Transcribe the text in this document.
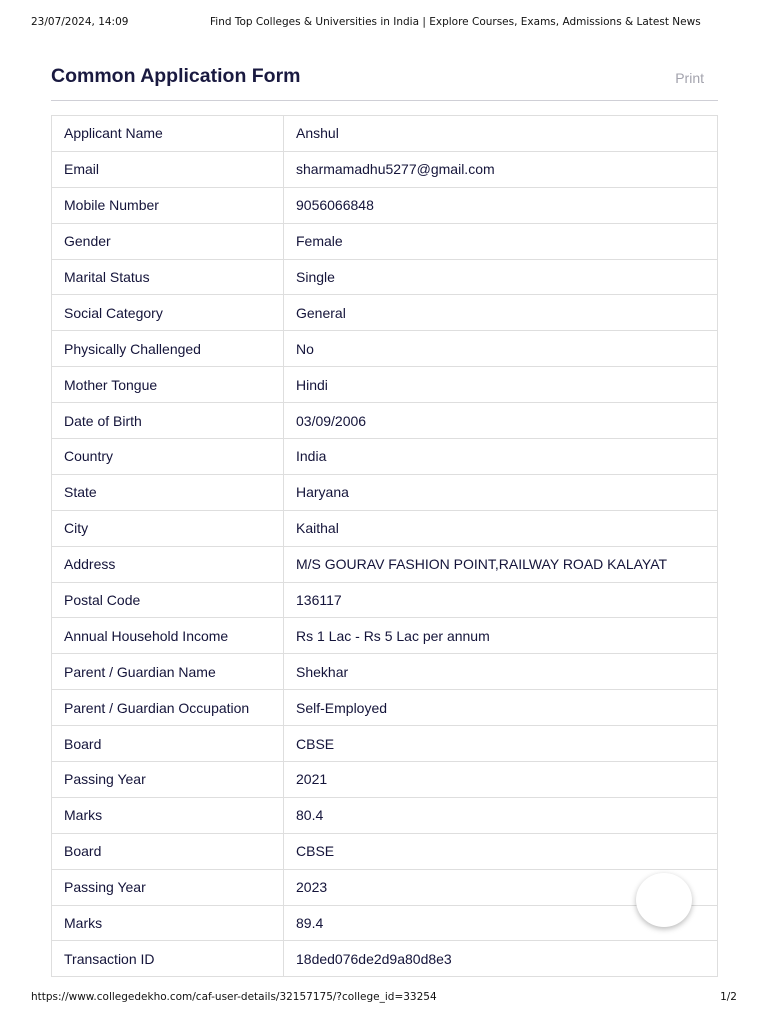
23/07/2024, 14:09	Find Top Colleges & Universities in India | Explore Courses, Exams, Admissions & Latest News
Common Application Form	Print
Applicant Name	Anshul
Email	sharmamadhu5277@gmail.com
Mobile Number	9056066848
Gender	Female
Marital Status	Single
Social Category	General
Physically Challenged	No
Mother Tongue	Hindi
Date of Birth	03/09/2006
Country	India
State	Haryana
City	Kaithal
Address	M/S GOURAV FASHION POINT,RAILWAY ROAD KALAYAT
Postal Code	136117
Annual Household Income	Rs 1 Lac - Rs 5 Lac per annum
Parent / Guardian Name	Shekhar
Parent / Guardian Occupation	Self-Employed
Board	CBSE
Passing Year	2021
Marks	80.4
Board	CBSE
Passing Year	2023
Marks	89.4
Transaction ID	18ded076de2d9a80d8e3
https://www.collegedekho.com/caf-user-details/32157175/?college_id=33254	1/2
